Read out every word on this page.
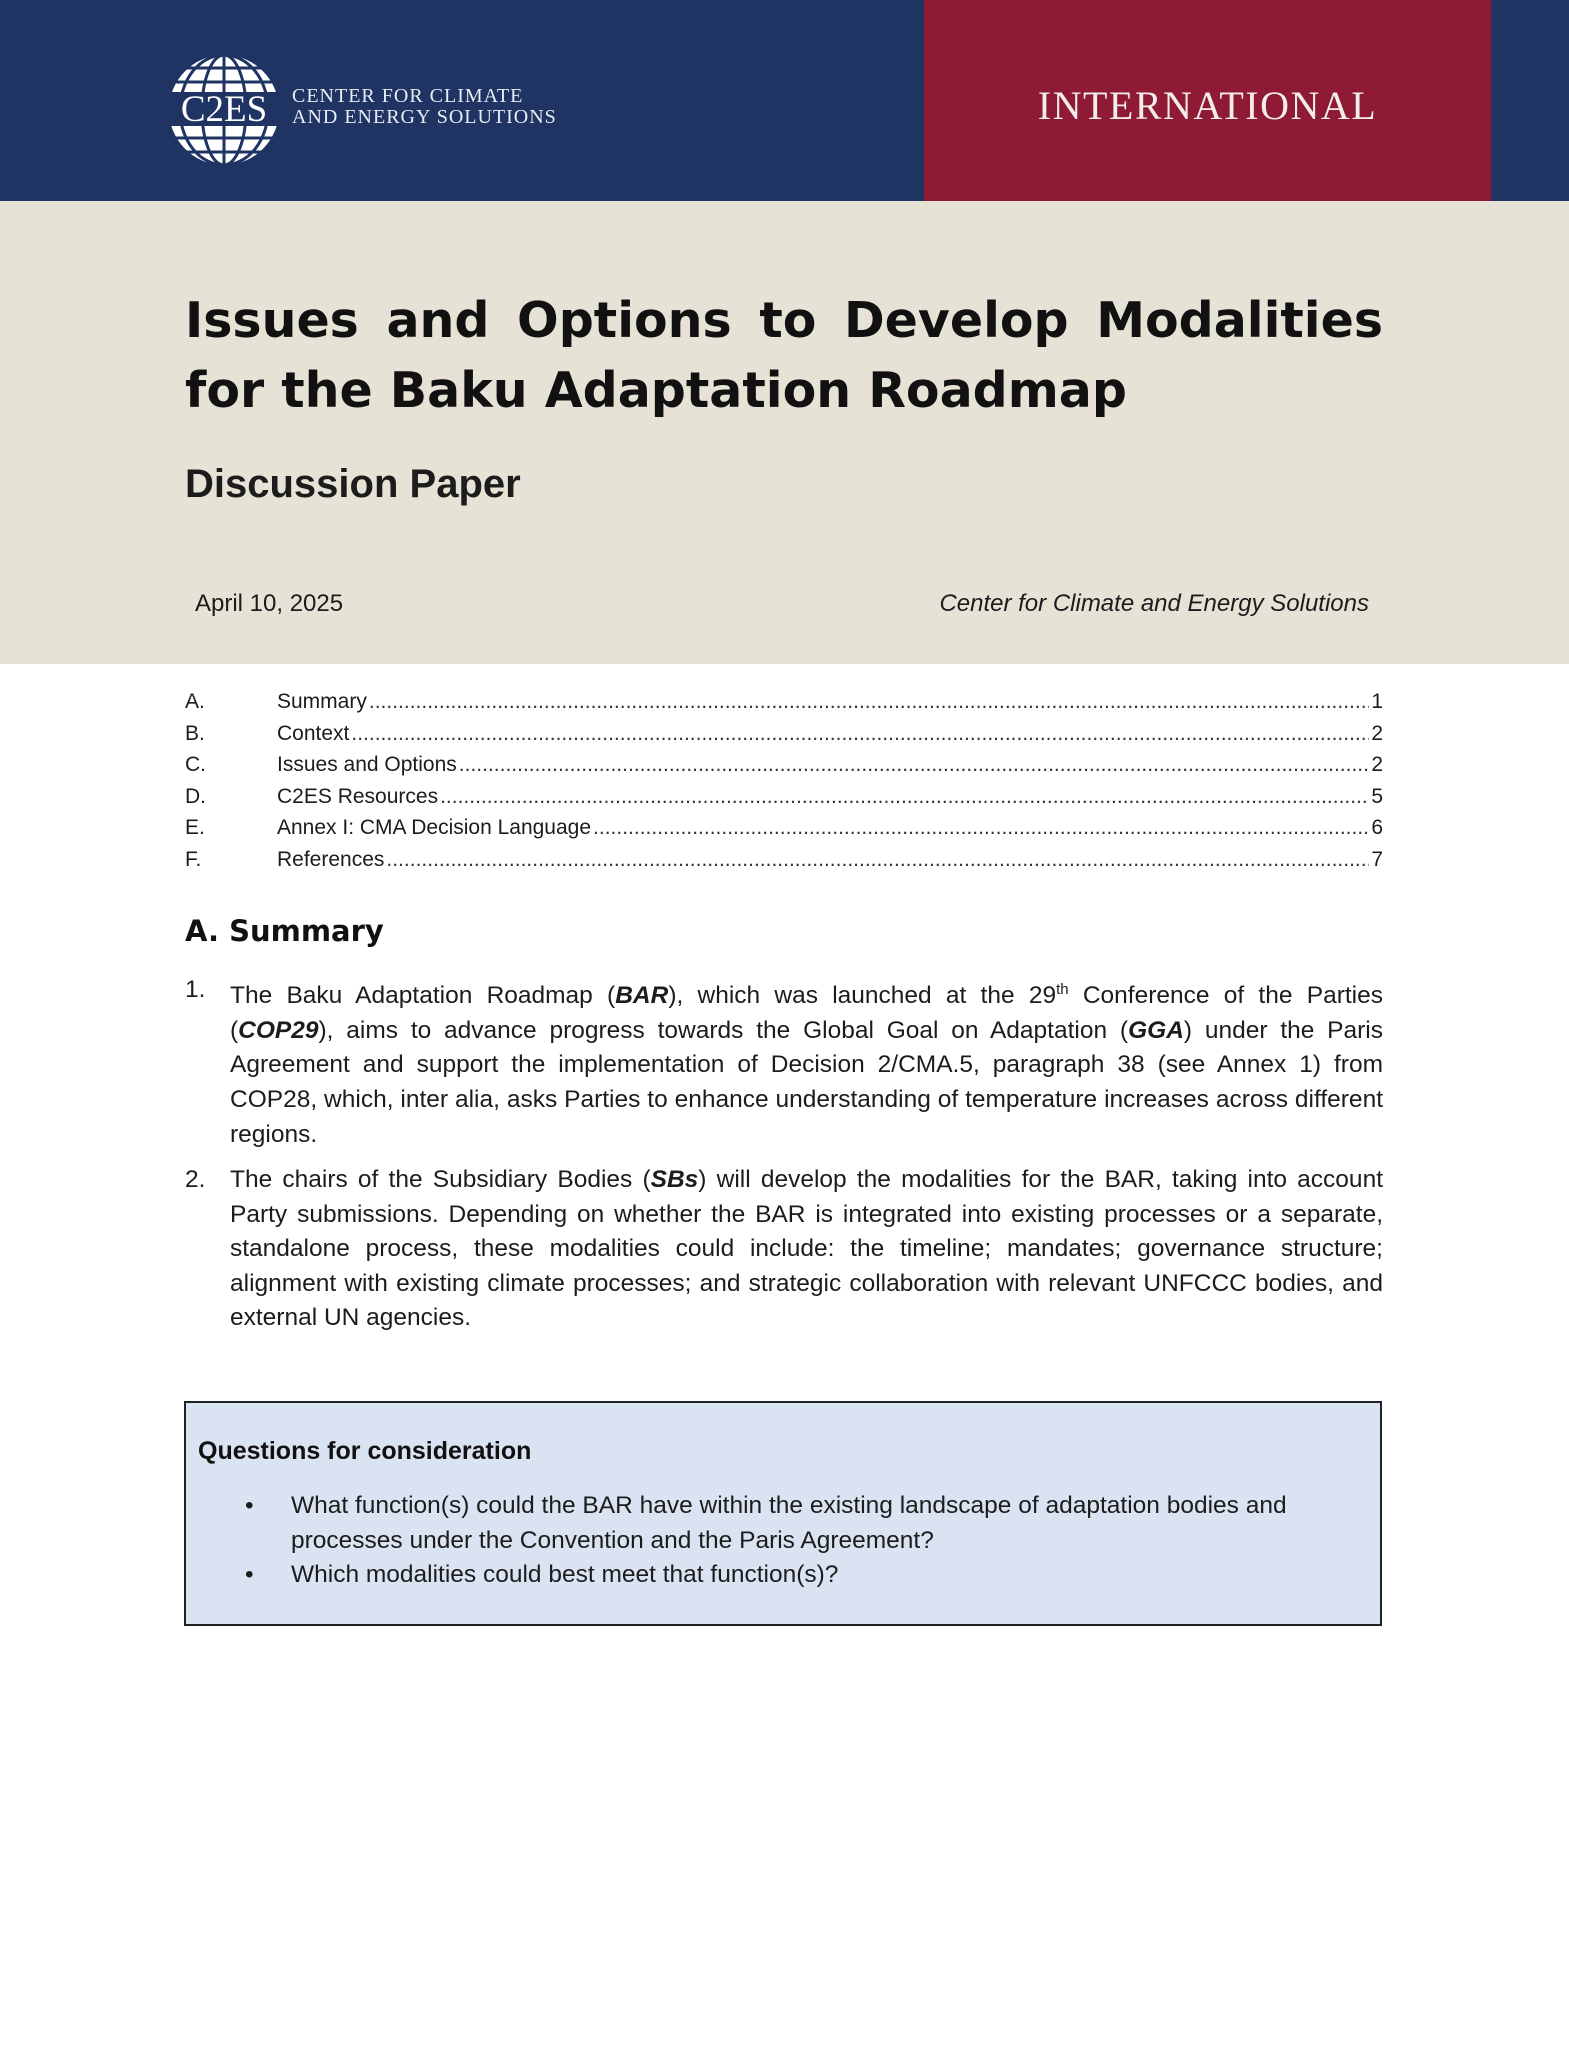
C2ES CENTER FOR CLIMATE
AND ENERGY SOLUTIONS	INTERNATIONAL
Issues and Options to Develop Modalities for the Baku Adaptation Roadmap
Discussion Paper
April 10, 2025	Center for Climate and Energy Solutions
A.	Summary .....	1
B.	Context .....	2
C.	Issues and Options .....	2
D.	C2ES Resources .....	5
E.	Annex I: CMA Decision Language .....	6
F.	References .....	7
A. Summary
1. The Baku Adaptation Roadmap (BAR), which was launched at the 29th Conference of the Parties (COP29), aims to advance progress towards the Global Goal on Adaptation (GGA) under the Paris Agreement and support the implementation of Decision 2/CMA.5, paragraph 38 (see Annex 1) from COP28, which, inter alia, asks Parties to enhance understanding of temperature increases across different regions.
2. The chairs of the Subsidiary Bodies (SBs) will develop the modalities for the BAR, taking into account Party submissions. Depending on whether the BAR is integrated into existing processes or a separate, standalone process, these modalities could include: the timeline; mandates; governance structure; alignment with existing climate processes; and strategic collaboration with relevant UNFCCC bodies, and external UN agencies.
Questions for consideration
• What function(s) could the BAR have within the existing landscape of adaptation bodies and processes under the Convention and the Paris Agreement?
• Which modalities could best meet that function(s)?
